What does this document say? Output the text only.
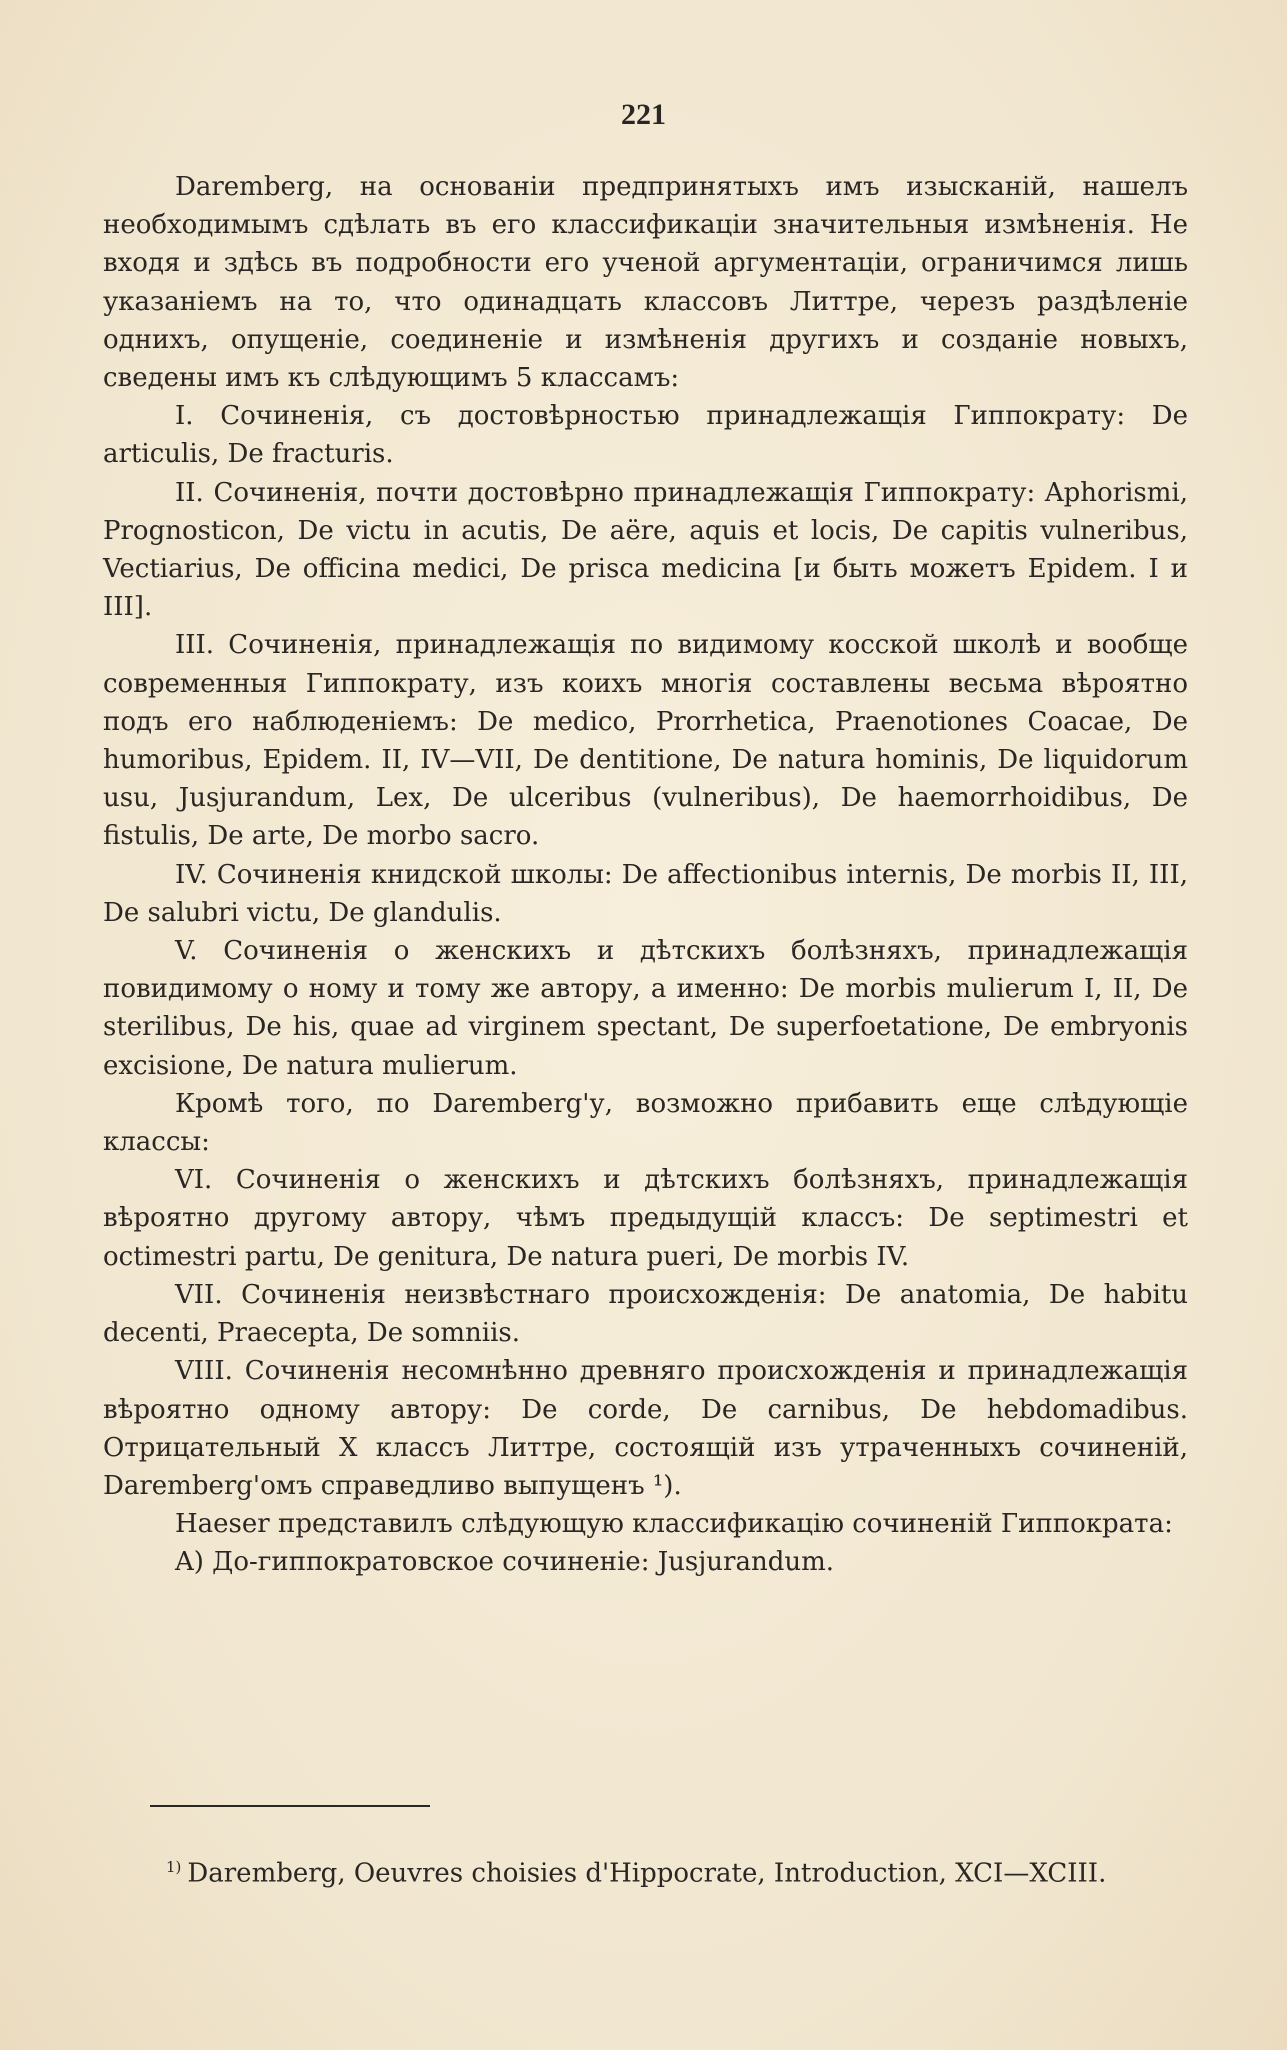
221

Daremberg, на основаніи предпринятыхъ имъ изысканій, нашелъ необходимымъ сдѣлать въ его классификаціи значительныя измѣненія. Не входя и здѣсь въ подробности его ученой аргументаціи, ограничимся лишь указаніемъ на то, что одинадцать классовъ Литтре, черезъ раздѣленіе однихъ, опущеніе, соединеніе и измѣненія другихъ и созданіе новыхъ, сведены имъ къ слѣдующимъ 5 классамъ:

I. Сочиненія, съ достовѣрностью принадлежащія Гиппократу: De articulis, De fracturis.

II. Сочиненія, почти достовѣрно принадлежащія Гиппократу: Aphorismi, Prognosticon, De victu in acutis, De aëre, aquis et locis, De capitis vulneribus, Vectiarius, De officina medici, De prisca medicina [и быть можетъ Epidem. I и III].

III. Сочиненія, принадлежащія по видимому косской школѣ и вообще современныя Гиппократу, изъ коихъ многія составлены весьма вѣроятно подъ его наблюденіемъ: De medico, Prorrhetica, Praenotiones Coacae, De humoribus, Epidem. II, IV—VII, De dentitione, De natura hominis, De liquidorum usu, Jusjurandum, Lex, De ulceribus (vulneribus), De haemorrhoidibus, De fistulis, De arte, De morbo sacro.

IV. Сочиненія книдской школы: De affectionibus internis, De morbis II, III, De salubri victu, De glandulis.

V. Сочиненія о женскихъ и дѣтскихъ болѣзняхъ, принадлежащія повидимому о ному и тому же автору, а именно: De morbis mulierum I, II, De sterilibus, De his, quae ad virginem spectant, De superfoetatione, De embryonis excisione, De natura mulierum.

Кромѣ того, по Daremberg'у, возможно прибавить еще слѣдующіе классы:

VI. Сочиненія о женскихъ и дѣтскихъ болѣзняхъ, принадлежащія вѣроятно другому автору, чѣмъ предыдущій классъ: De septimestri et octimestri partu, De genitura, De natura pueri, De morbis IV.

VII. Сочиненія неизвѣстнаго происхожденія: De anatomia, De habitu decenti, Praecepta, De somniis.

VIII. Сочиненія несомнѣнно древняго происхожденія и принадлежащія вѣроятно одному автору: De corde, De carnibus, De hebdomadibus. Отрицательный X классъ Литтре, состоящій изъ утраченныхъ сочиненій, Daremberg'омъ справедливо выпущенъ ¹).

Haeser представилъ слѣдующую классификацію сочиненій Гиппократа:

A) До-гиппократовское сочиненіе: Jusjurandum.

$^{1)}$ Daremberg, Oeuvres choisies d'Hippocrate, Introduction, XCI—XCIII.
